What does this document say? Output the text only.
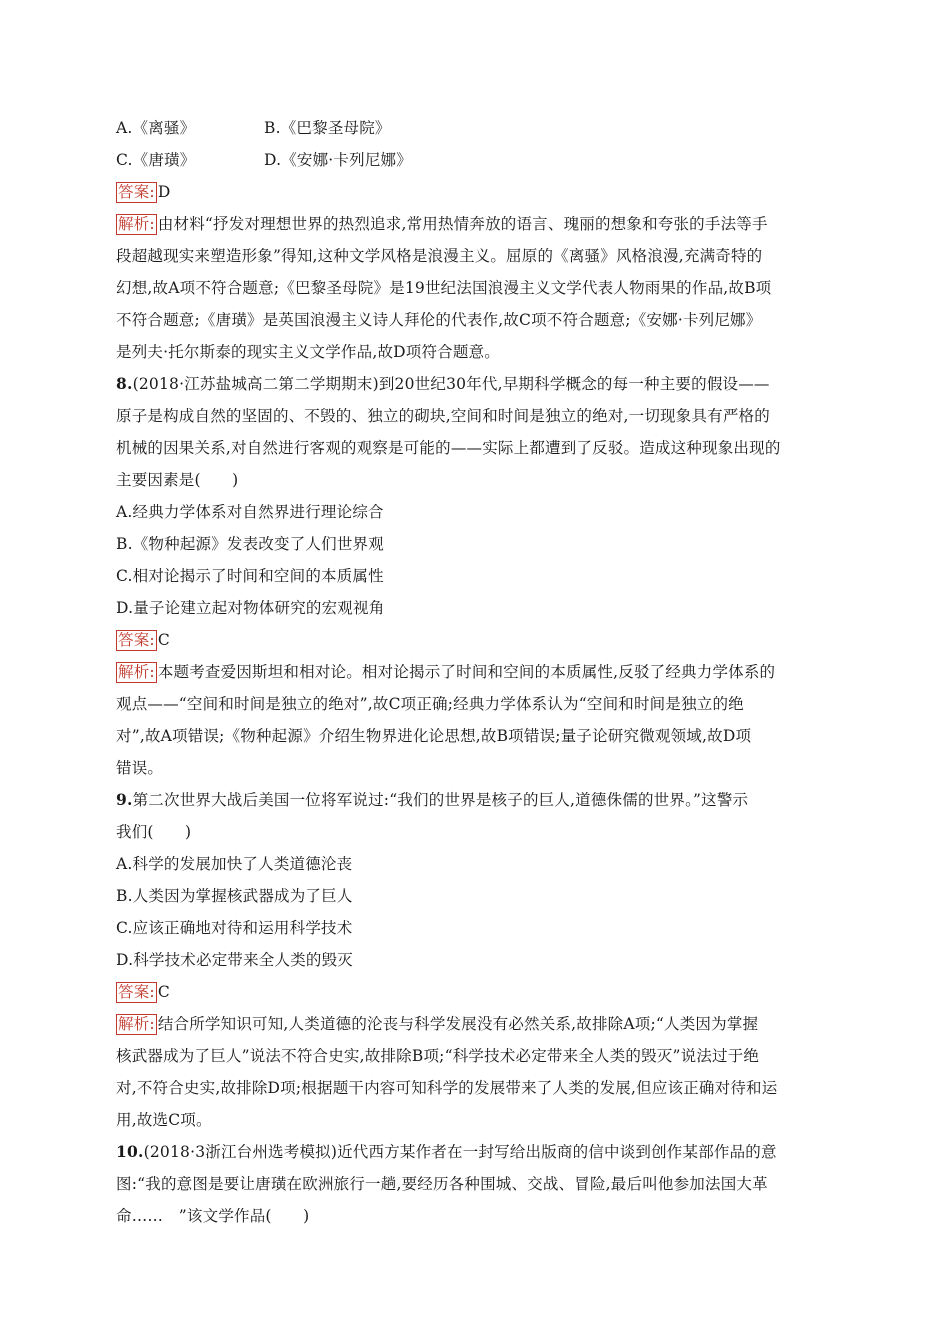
A.《离骚》	B.《巴黎圣母院》
C.《唐璜》	D.《安娜·卡列尼娜》
答案: D
解析: 由材料“抒发对理想世界的热烈追求,常用热情奔放的语言、瑰丽的想象和夸张的手法等手
段超越现实来塑造形象”得知,这种文学风格是浪漫主义。屈原的《离骚》风格浪漫,充满奇特的
幻想,故A项不符合题意;《巴黎圣母院》是19世纪法国浪漫主义文学代表人物雨果的作品,故B项
不符合题意;《唐璜》是英国浪漫主义诗人拜伦的代表作,故C项不符合题意;《安娜·卡列尼娜》
是列夫·托尔斯泰的现实主义文学作品,故D项符合题意。
8.(2018·江苏盐城高二第二学期期末)到20世纪30年代,早期科学概念的每一种主要的假设——
原子是构成自然的坚固的、不毁的、独立的砌块,空间和时间是独立的绝对,一切现象具有严格的
机械的因果关系,对自然进行客观的观察是可能的——实际上都遭到了反驳。造成这种现象出现的
主要因素是(　　)
A.经典力学体系对自然界进行理论综合
B.《物种起源》发表改变了人们世界观
C.相对论揭示了时间和空间的本质属性
D.量子论建立起对物体研究的宏观视角
答案: C
解析: 本题考查爱因斯坦和相对论。相对论揭示了时间和空间的本质属性,反驳了经典力学体系的
观点——“空间和时间是独立的绝对”,故C项正确;经典力学体系认为“空间和时间是独立的绝
对”,故A项错误;《物种起源》介绍生物界进化论思想,故B项错误;量子论研究微观领域,故D项
错误。
9.第二次世界大战后美国一位将军说过:“我们的世界是核子的巨人,道德侏儒的世界。”这警示
我们(　　)
A.科学的发展加快了人类道德沦丧
B.人类因为掌握核武器成为了巨人
C.应该正确地对待和运用科学技术
D.科学技术必定带来全人类的毁灭
答案: C
解析: 结合所学知识可知,人类道德的沦丧与科学发展没有必然关系,故排除A项;“人类因为掌握
核武器成为了巨人”说法不符合史实,故排除B项;“科学技术必定带来全人类的毁灭”说法过于绝
对,不符合史实,故排除D项;根据题干内容可知科学的发展带来了人类的发展,但应该正确对待和运
用,故选C项。
10.(2018·3浙江台州选考模拟)近代西方某作者在一封写给出版商的信中谈到创作某部作品的意
图:“我的意图是要让唐璜在欧洲旅行一趟,要经历各种围城、交战、冒险,最后叫他参加法国大革
命……　”该文学作品(　　)
